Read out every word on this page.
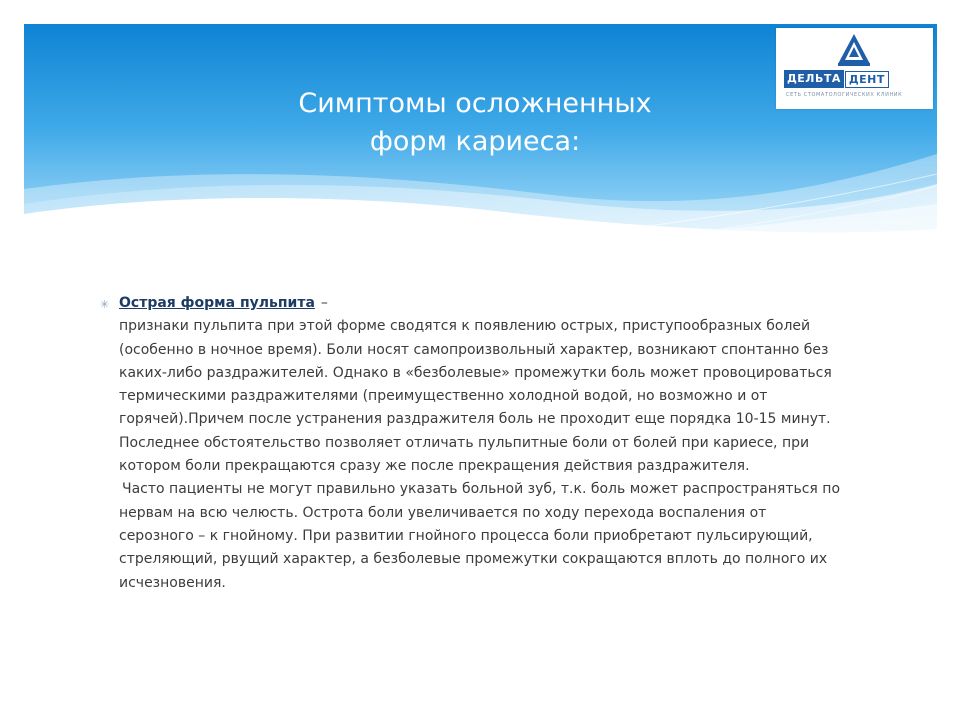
Симптомы осложненных
форм кариеса:
ДЕЛЬТА ДЕНТ
СЕТЬ СТОМАТОЛОГИЧЕСКИХ КЛИНИК
✳ Острая форма пульпита –
признаки пульпита при этой форме сводятся к появлению острых, приступообразных болей (особенно в ночное время). Боли носят самопроизвольный характер, возникают спонтанно без каких-либо раздражителей. Однако в «безболевые» промежутки боль может провоцироваться термическими раздражителями (преимущественно холодной водой, но возможно и от горячей).Причем после устранения раздражителя боль не проходит еще порядка 10-15 минут. Последнее обстоятельство позволяет отличать пульпитные боли от болей при кариесе, при котором боли прекращаются сразу же после прекращения действия раздражителя.
Часто пациенты не могут правильно указать больной зуб, т.к. боль может распространяться по нервам на всю челюсть. Острота боли увеличивается по ходу перехода воспаления от серозного – к гнойному. При развитии гнойного процесса боли приобретают пульсирующий, стреляющий, рвущий характер, а безболевые промежутки сокращаются вплоть до полного их исчезновения.
